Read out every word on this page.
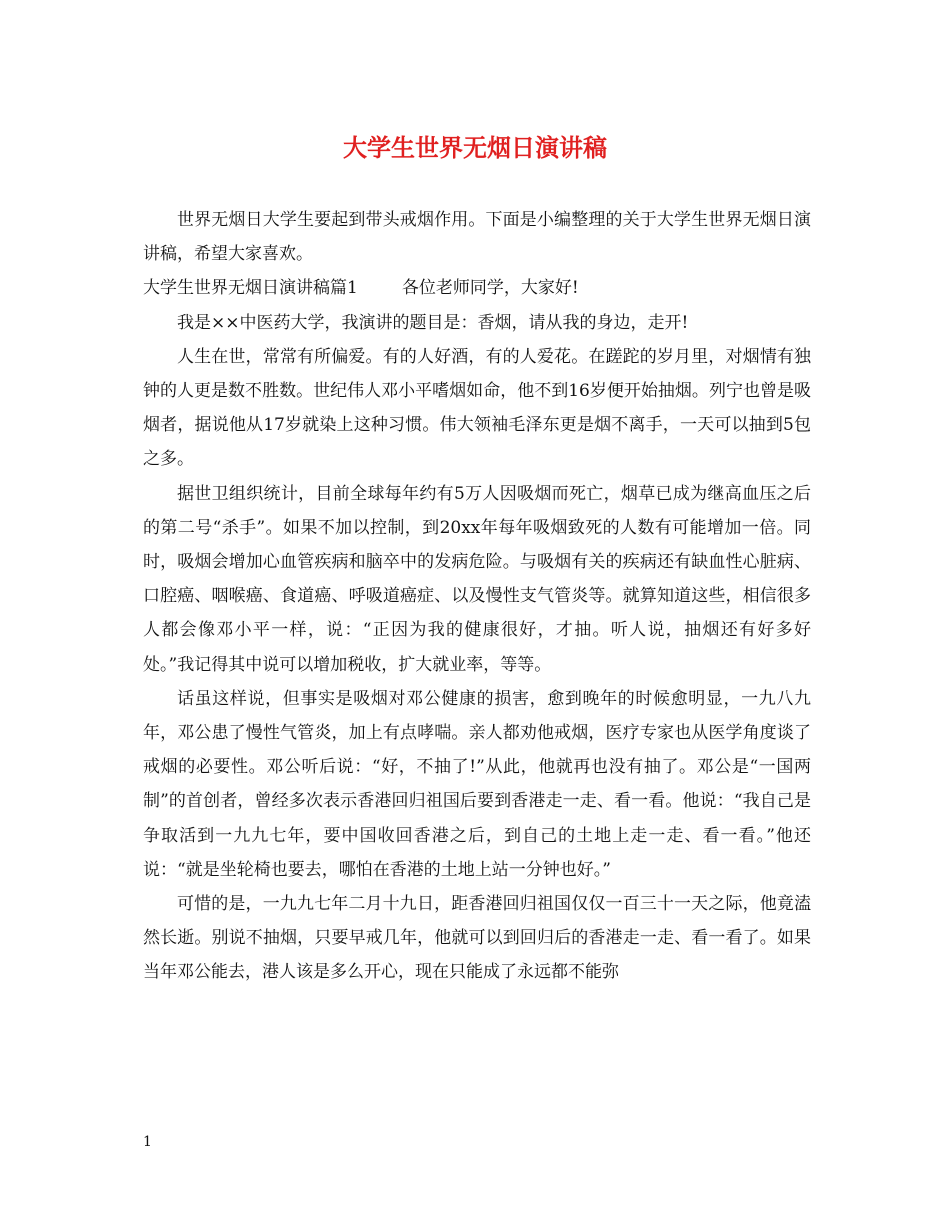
大学生世界无烟日演讲稿

世界无烟日大学生要起到带头戒烟作用。下面是小编整理的关于大学生世界无烟日演讲稿，希望大家喜欢。

大学生世界无烟日演讲稿篇1	各位老师同学，大家好!

我是××中医药大学，我演讲的题目是：香烟，请从我的身边，走开!

人生在世，常常有所偏爱。有的人好酒，有的人爱花。在蹉跎的岁月里，对烟情有独钟的人更是数不胜数。世纪伟人邓小平嗜烟如命，他不到16岁便开始抽烟。列宁也曾是吸烟者，据说他从17岁就染上这种习惯。伟大领袖毛泽东更是烟不离手，一天可以抽到5包之多。

据世卫组织统计，目前全球每年约有5万人因吸烟而死亡，烟草已成为继高血压之后的第二号“杀手”。如果不加以控制，到20xx年每年吸烟致死的人数有可能增加一倍。同时，吸烟会增加心血管疾病和脑卒中的发病危险。与吸烟有关的疾病还有缺血性心脏病、口腔癌、咽喉癌、食道癌、呼吸道癌症、以及慢性支气管炎等。就算知道这些，相信很多人都会像邓小平一样，说：“正因为我的健康很好，才抽。听人说，抽烟还有好多好处。”我记得其中说可以增加税收，扩大就业率，等等。

话虽这样说，但事实是吸烟对邓公健康的损害，愈到晚年的时候愈明显，一九八九年，邓公患了慢性气管炎，加上有点哮喘。亲人都劝他戒烟，医疗专家也从医学角度谈了戒烟的必要性。邓公听后说：“好，不抽了!”从此，他就再也没有抽了。邓公是“一国两制”的首创者，曾经多次表示香港回归祖国后要到香港走一走、看一看。他说：“我自己是争取活到一九九七年，要中国收回香港之后，到自己的土地上走一走、看一看。”他还说：“就是坐轮椅也要去，哪怕在香港的土地上站一分钟也好。”

可惜的是，一九九七年二月十九日，距香港回归祖国仅仅一百三十一天之际，他竟溘然长逝。别说不抽烟，只要早戒几年，他就可以到回归后的香港走一走、看一看了。如果当年邓公能去，港人该是多么开心，现在只能成了永远都不能弥

1
